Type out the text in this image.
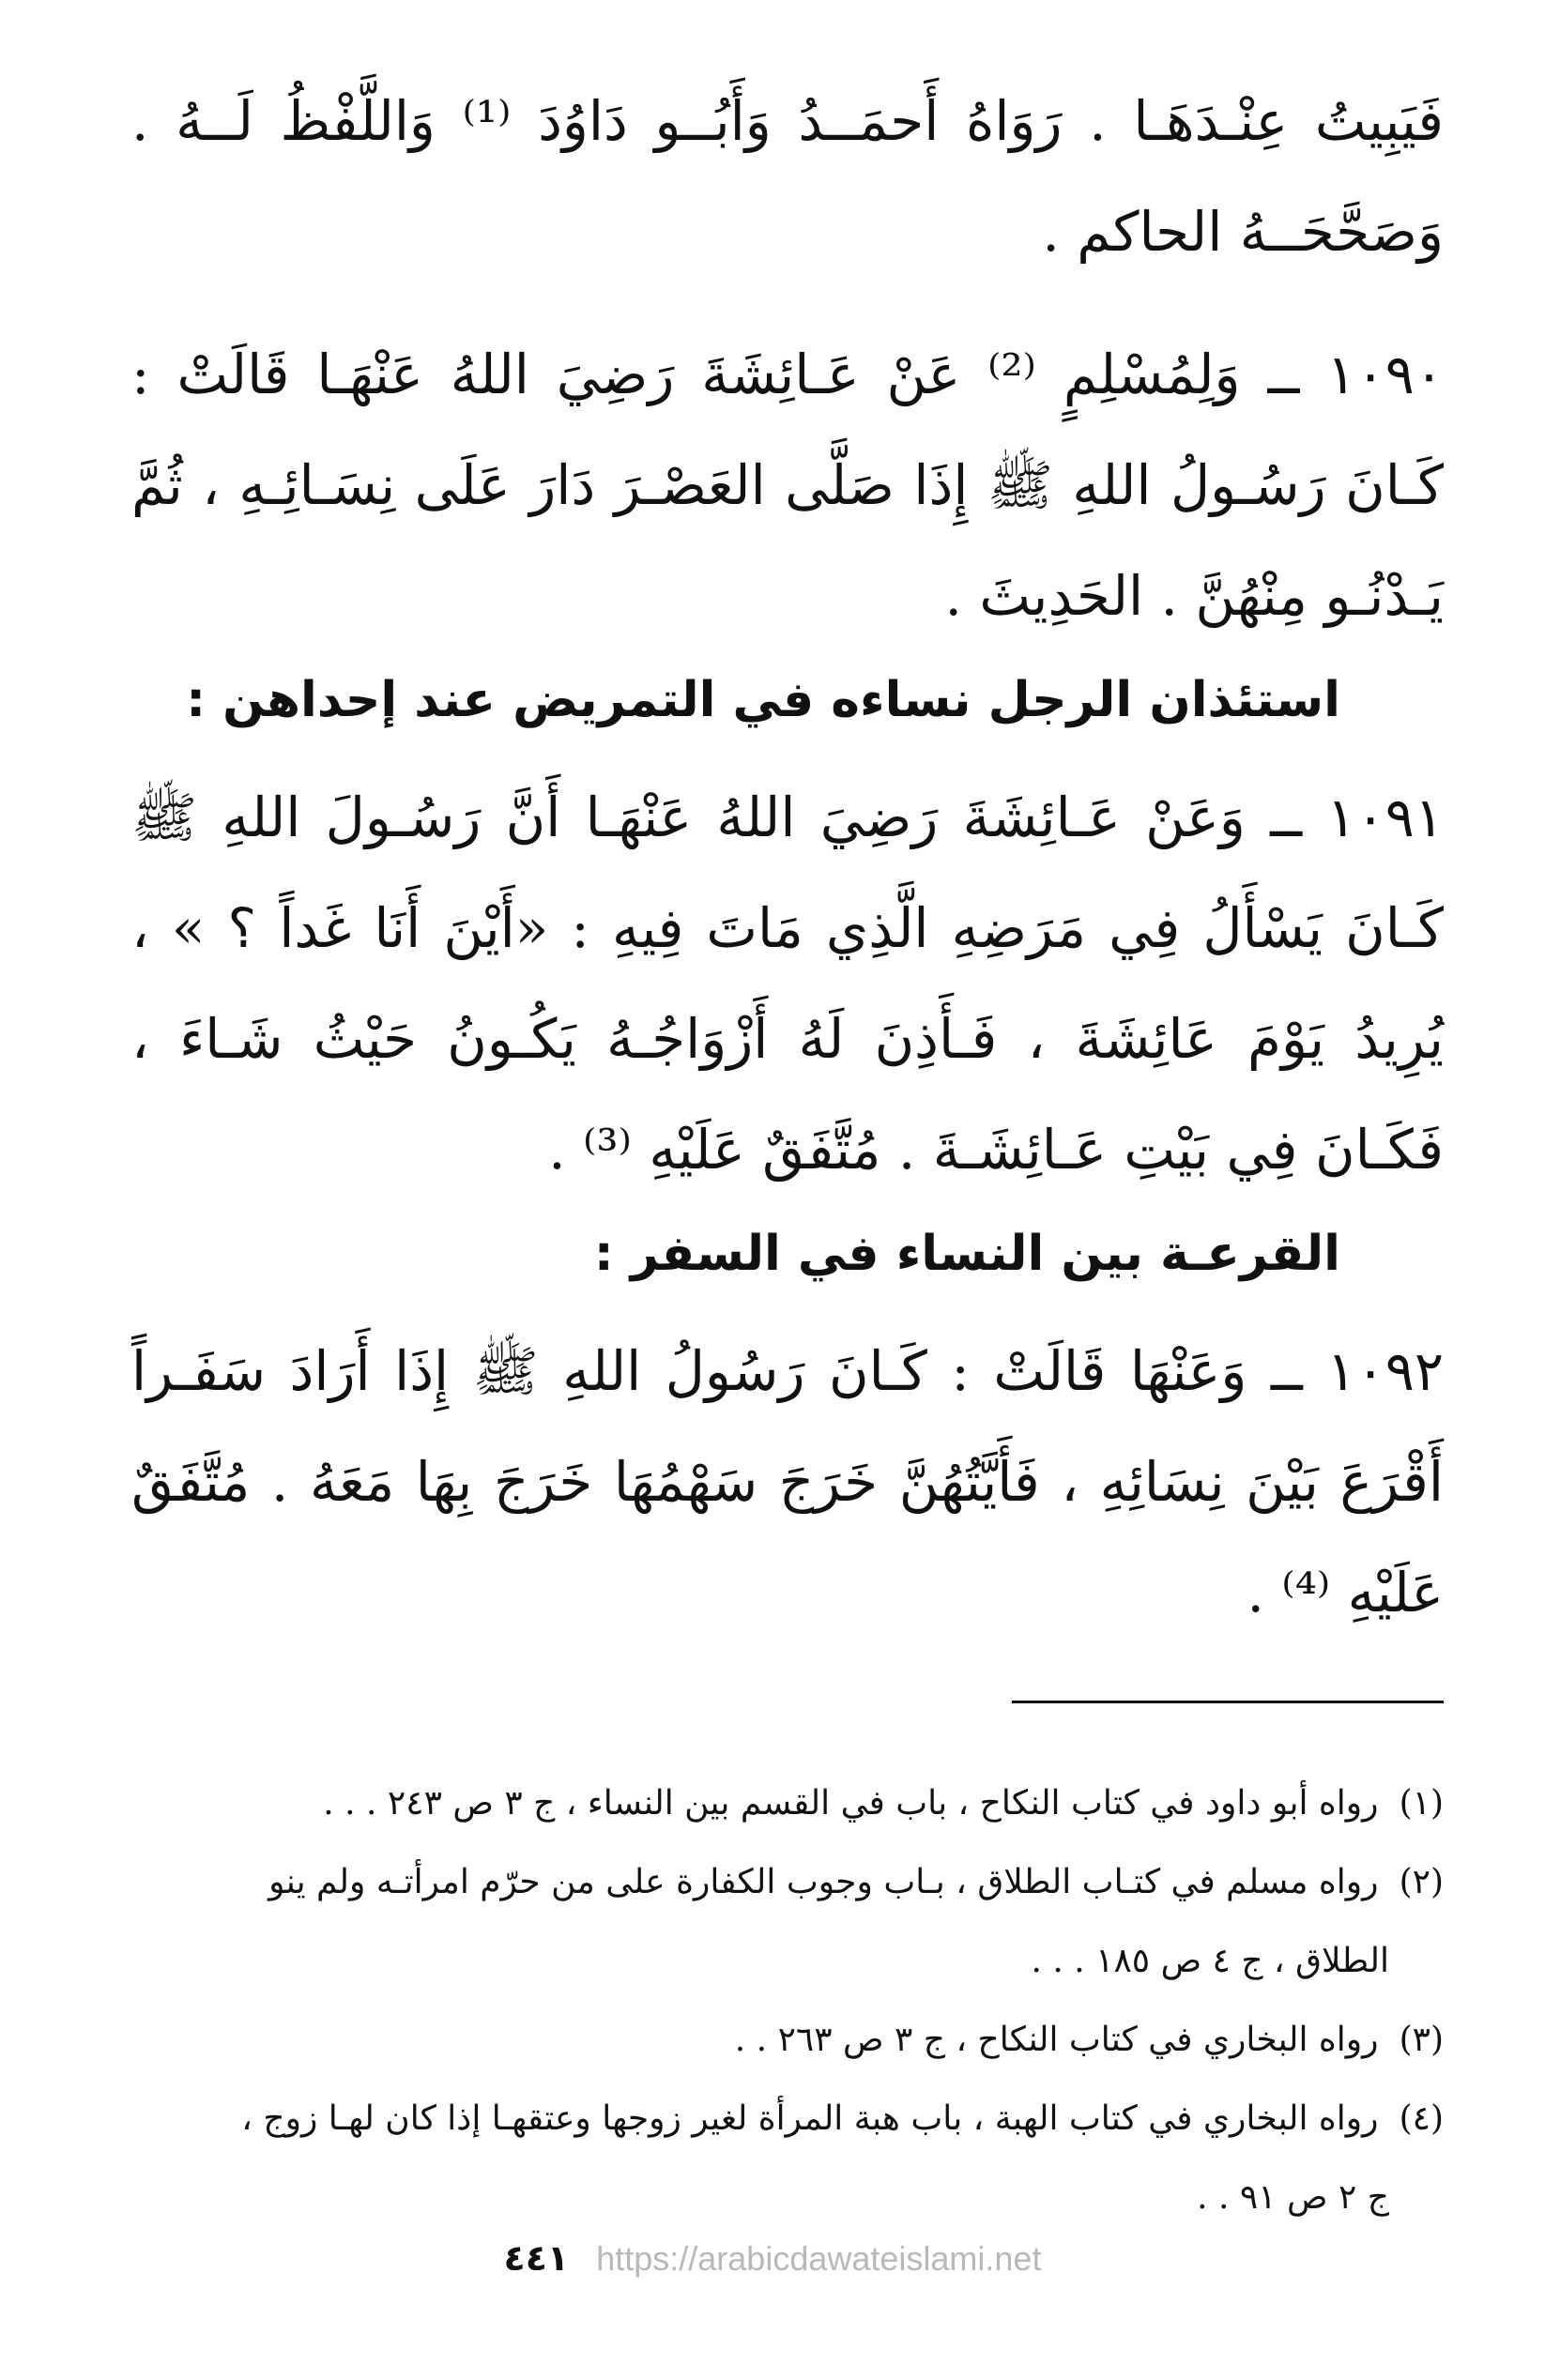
فَيَبِيتُ عِنْـدَهَـا . رَوَاهُ أَحمَــدُ وَأَبُــو دَاوُدَ ⁽¹⁾ وَاللَّفْظُ لَــهُ . وَصَحَّحَــهُ الحاكم .

١٠٩٠ ــ وَلِمُسْلِمٍ ⁽²⁾ عَنْ عَـائِشَةَ رَضِيَ اللهُ عَنْهَـا قَالَتْ : كَـانَ رَسُـولُ اللهِ ﷺ إِذَا صَلَّى العَصْـرَ دَارَ عَلَى نِسَـائِـهِ ، ثُمَّ يَـدْنُـو مِنْهُنَّ . الحَدِيثَ .

استئذان الرجل نساءه في التمريض عند إحداهن :

١٠٩١ ــ وَعَنْ عَـائِشَةَ رَضِيَ اللهُ عَنْهَـا أَنَّ رَسُـولَ اللهِ ﷺ كَـانَ يَسْأَلُ فِي مَرَضِهِ الَّذِي مَاتَ فِيهِ : «أَيْنَ أَنَا غَداً ؟ » ، يُرِيدُ يَوْمَ عَائِشَةَ ، فَـأَذِنَ لَهُ أَزْوَاجُـهُ يَكُـونُ حَيْثُ شَـاءَ ، فَكَـانَ فِي بَيْتِ عَـائِشَـةَ . مُتَّفَقٌ عَلَيْهِ ⁽³⁾ .

القرعـة بين النساء في السفر :

١٠٩٢ ــ وَعَنْهَا قَالَتْ : كَـانَ رَسُولُ اللهِ ﷺ إِذَا أَرَادَ سَفَـراً أَقْرَعَ بَيْنَ نِسَائِهِ ، فَأَيَّتُهُنَّ خَرَجَ سَهْمُهَا خَرَجَ بِهَا مَعَهُ . مُتَّفَقٌ عَلَيْهِ ⁽⁴⁾ .

(١) رواه أبو داود في كتاب النكاح ، باب في القسم بين النساء ، ج ٣ ص ٢٤٣ . . .

(٢) رواه مسلم في كتـاب الطلاق ، بـاب وجوب الكفارة على من حرّم امرأتـه ولم ينو

الطلاق ، ج ٤ ص ١٨٥ . . .

(٣) رواه البخاري في كتاب النكاح ، ج ٣ ص ٢٦٣ . .

(٤) رواه البخاري في كتاب الهبة ، باب هبة المرأة لغير زوجها وعتقهـا إذا كان لهـا زوج ،

ج ٢ ص ٩١ . .

٤٤١ https://arabicdawateislami.net
